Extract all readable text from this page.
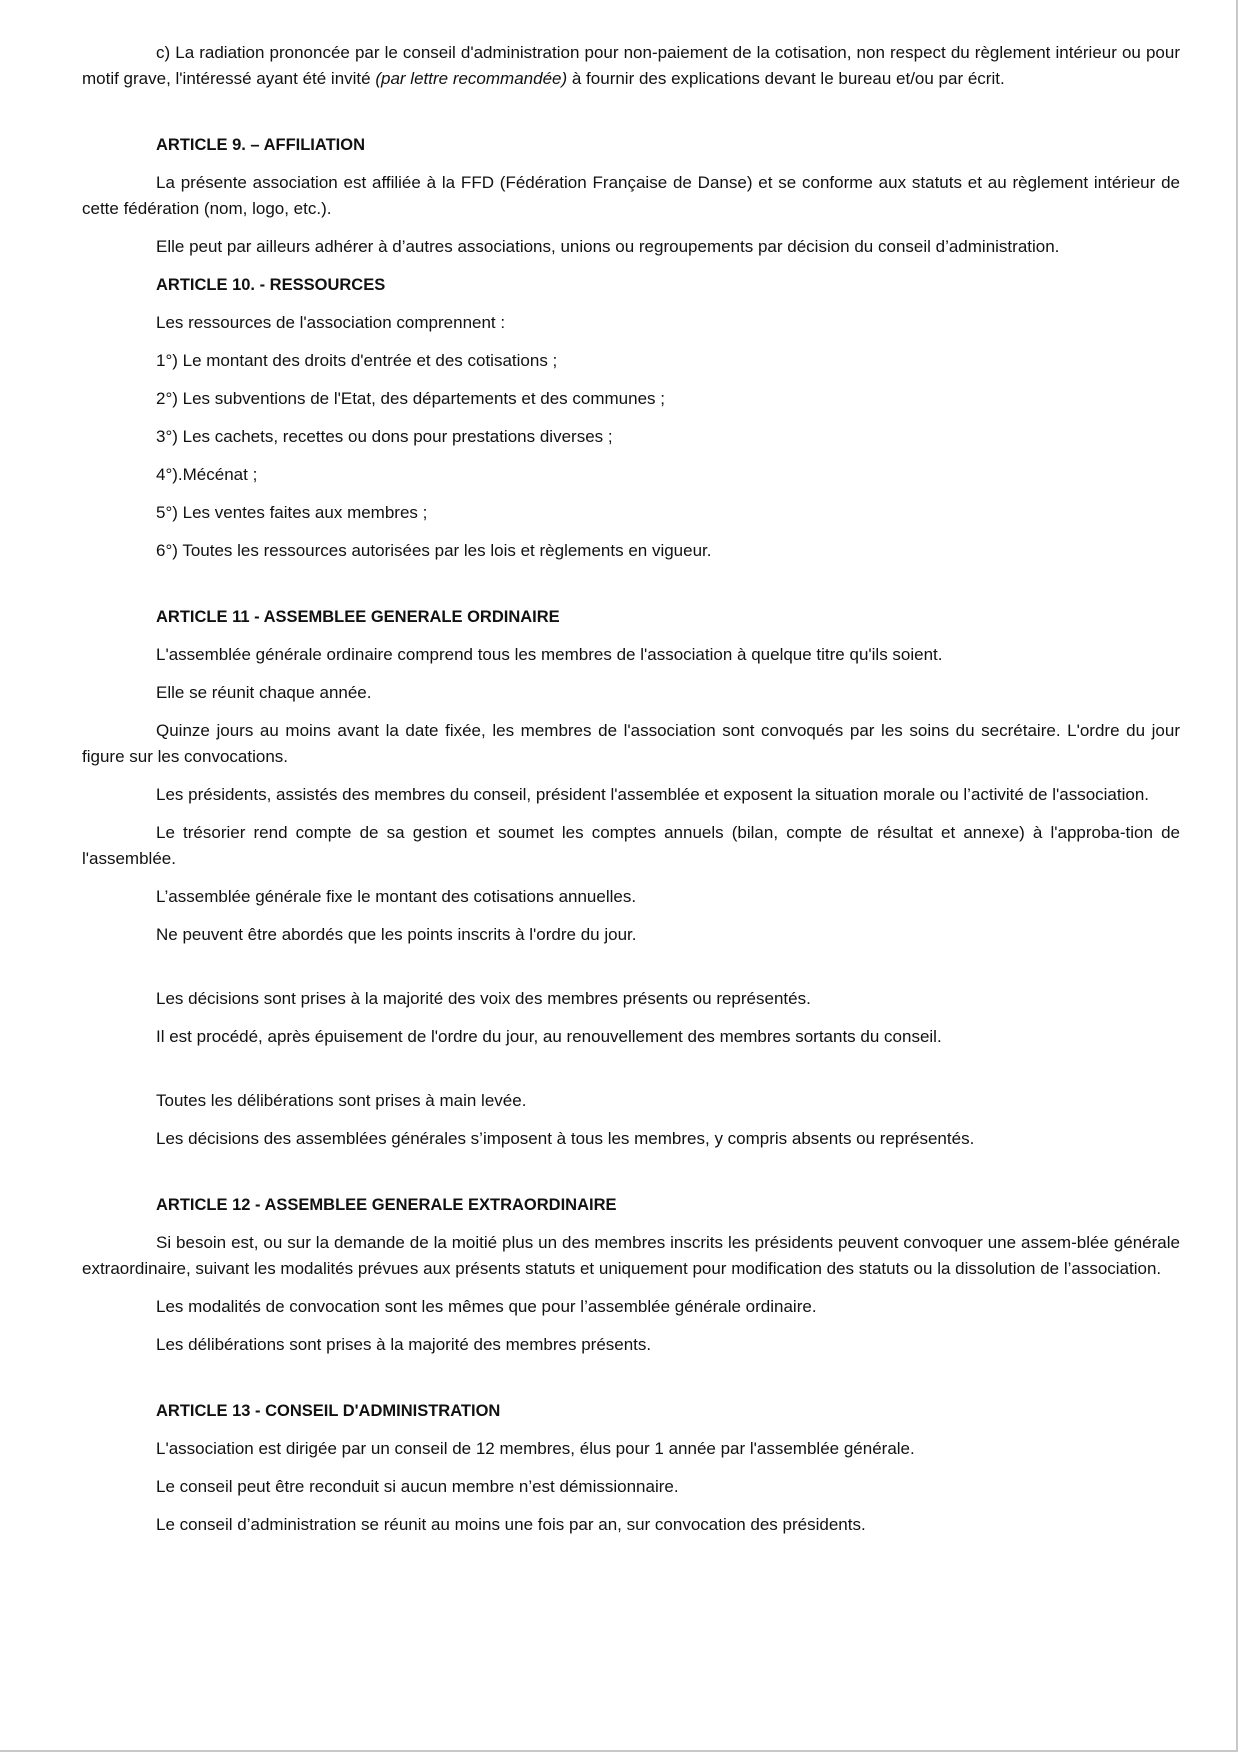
c) La radiation prononcée par le conseil d'administration pour non-paiement de la cotisation, non respect du règlement intérieur ou pour motif grave, l'intéressé ayant été invité (par lettre recommandée) à fournir des explications devant le bureau et/ou par écrit.

ARTICLE 9. – AFFILIATION

La présente association est affiliée à la FFD (Fédération Française de Danse) et se conforme aux statuts et au règlement intérieur de cette fédération (nom, logo, etc.).

Elle peut par ailleurs adhérer à d’autres associations, unions ou regroupements par décision du conseil d’administration.

ARTICLE 10. - RESSOURCES

Les ressources de l'association comprennent :

1°) Le montant des droits d'entrée et des cotisations ;

2°) Les subventions de l'Etat, des départements et des communes ;

3°) Les cachets, recettes ou dons pour prestations diverses ;

4°).Mécénat ;

5°) Les ventes faites aux membres ;

6°) Toutes les ressources autorisées par les lois et règlements en vigueur.

ARTICLE 11 - ASSEMBLEE GENERALE ORDINAIRE

L'assemblée générale ordinaire comprend tous les membres de l'association à quelque titre qu'ils soient.

Elle se réunit chaque année.

Quinze jours au moins avant la date fixée, les membres de l'association sont convoqués par les soins du secrétaire. L'ordre du jour figure sur les convocations.

Les présidents, assistés des membres du conseil, président l'assemblée et exposent la situation morale ou l’activité de l'association.

Le trésorier rend compte de sa gestion et soumet les comptes annuels (bilan, compte de résultat et annexe) à l'approba-tion de l'assemblée.

L’assemblée générale fixe le montant des cotisations annuelles.

Ne peuvent être abordés que les points inscrits à l'ordre du jour.

Les décisions sont prises à la majorité des voix des membres présents ou représentés.

Il est procédé, après épuisement de l'ordre du jour, au renouvellement des membres sortants du conseil.

Toutes les délibérations sont prises à main levée.

Les décisions des assemblées générales s’imposent à tous les membres, y compris absents ou représentés.

ARTICLE 12 - ASSEMBLEE GENERALE EXTRAORDINAIRE

Si besoin est, ou sur la demande de la moitié plus un des membres inscrits les présidents peuvent convoquer une assem-blée générale extraordinaire, suivant les modalités prévues aux présents statuts et uniquement pour modification des statuts ou la dissolution de l’association.

Les modalités de convocation sont les mêmes que pour l’assemblée générale ordinaire.

Les délibérations sont prises à la majorité des membres présents.

ARTICLE 13 - CONSEIL D'ADMINISTRATION

L'association est dirigée par un conseil de 12 membres, élus pour 1 année par l'assemblée générale.

Le conseil peut être reconduit si aucun membre n’est démissionnaire.

Le conseil d’administration se réunit au moins une fois par an, sur convocation des présidents.
